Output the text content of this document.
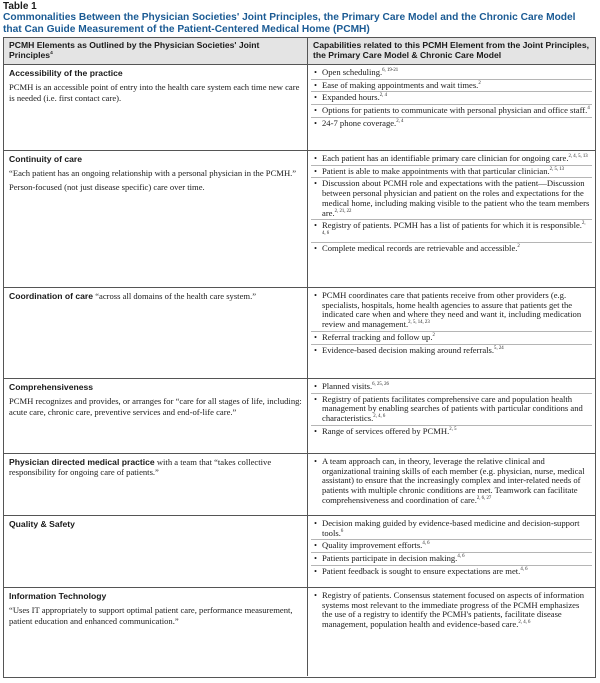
Table 1
Commonalities Between the Physician Societies' Joint Principles, the Primary Care Model and the Chronic Care Model that Can Guide Measurement of the Patient-Centered Medical Home (PCMH)
PCMH Elements as Outlined by the Physician Societies' Joint Principles$^4$
Capabilities related to this PCMH Element from the Joint Principles, the Primary Care Model & Chronic Care Model
Accessibility of the practice

PCMH is an accessible point of entry into the health care system each time new care is needed (i.e. first contact care).

• Open scheduling.$^{6, 19-21}$
• Ease of making appointments and wait times.$^2$
• Expanded hours.$^{2, 4}$
• Options for patients to communicate with personal physician and office staff.$^4$
• 24-7 phone coverage.$^{2, 4}$
Continuity of care

“Each patient has an ongoing relationship with a personal physician in the PCMH.”

Person-focused (not just disease specific) care over time.

• Each patient has an identifiable primary care clinician for ongoing care.$^{2, 4, 5, 13}$
• Patient is able to make appointments with that particular clinician.$^{2, 5, 13}$
• Discussion about PCMH role and expectations with the patient—Discussion between personal physician and patient on the roles and expectations for the medical home, including making visible to the patient who the team members are.$^{2, 21, 22}$
• Registry of patients. PCMH has a list of patients for which it is responsible.$^{2, 4, 6}$
• Complete medical records are retrievable and accessible.$^2$
Coordination of care “across all domains of the health care system.”	• PCMH coordinates care that patients receive from other providers (e.g. specialists, hospitals, home health agencies to assure that patients get the indicated care when and where they need and want it, including medication review and management.$^{2, 5, 14, 23}$
• Referral tracking and follow up.$^2$
• Evidence-based decision making around referrals.$^{5, 24}$
Comprehensiveness

PCMH recognizes and provides, or arranges for “care for all stages of life, including: acute care, chronic care, preventive services and end-of-life care.”

• Planned visits.$^{6, 25, 26}$
• Registry of patients facilitates comprehensive care and population health management by enabling searches of patients with particular conditions and characteristics.$^{2, 4, 6}$
• Range of services offered by PCMH.$^{2, 5}$
Physician directed medical practice with a team that “takes collective responsibility for ongoing care of patients.”
• A team approach can, in theory, leverage the relative clinical and organizational training skills of each member (e.g. physician, nurse, medical assistant) to ensure that the increasingly complex and inter-related needs of patients with multiple chronic conditions are met. Teamwork can facilitate comprehensiveness and coordination of care.$^{2, 6, 27}$
Quality & Safety	• Decision making guided by evidence-based medicine and decision-support tools.$^6$
• Quality improvement efforts.$^{4, 6}$
• Patients participate in decision making.$^{4, 6}$
• Patient feedback is sought to ensure expectations are met.$^{4, 6}$
Information Technology

“Uses IT appropriately to support optimal patient care, performance measurement, patient education and enhanced communication.”

• Registry of patients. Consensus statement focused on aspects of information systems most relevant to the immediate progress of the PCMH emphasizes the use of a registry to identify the PCMH's patients, facilitate disease management, population health and evidence-based care.$^{2, 4, 6}$
